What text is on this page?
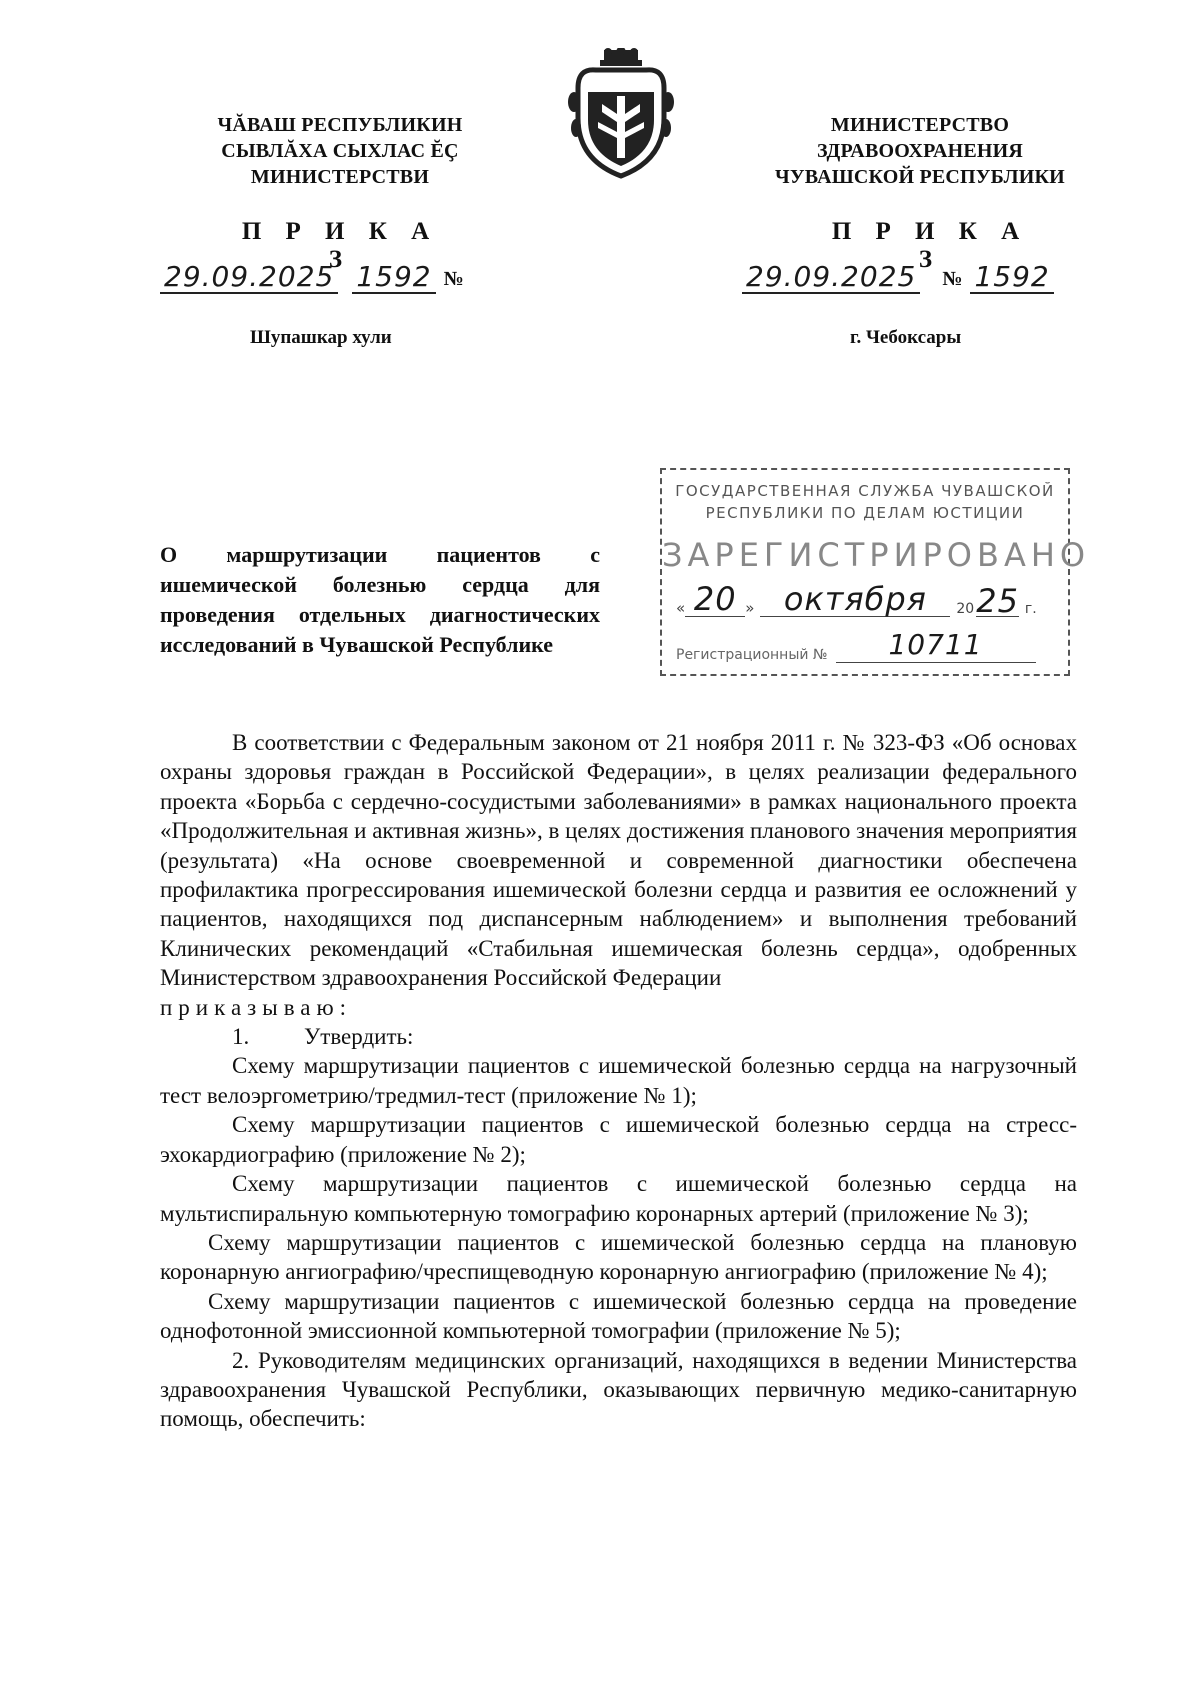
ЧĂВАШ РЕСПУБЛИКИН
СЫВЛĂХА СЫХЛАС ĔҪ
МИНИСТЕРСТВИ
МИНИСТЕРСТВО
ЗДРАВООХРАНЕНИЯ
ЧУВАШСКОЙ РЕСПУБЛИКИ
П Р И К А З
П Р И К А З
29.09.2025 1592 №	29.09.2025 № 1592
Шупашкар хули	г. Чебоксары
ГОСУДАРСТВЕННАЯ СЛУЖБА ЧУВАШСКОЙ
РЕСПУБЛИКИ ПО ДЕЛАМ ЮСТИЦИИ
ЗАРЕГИСТРИРОВАНО
« 20 » октября	20 25 г.
Регистрационный №	10711
О маршрутизации пациентов с ишемической болезнью сердца для проведения отдельных диагностических исследований в Чувашской Республике

В соответствии с Федеральным законом от 21 ноября 2011 г. № 323-ФЗ «Об основах охраны здоровья граждан в Российской Федерации», в целях реализации федерального проекта «Борьба с сердечно-сосудистыми заболеваниями» в рамках национального проекта «Продолжительная и активная жизнь», в целях достижения планового значения мероприятия (результата) «На основе своевременной и современной диагностики обеспечена профилактика прогрессирования ишемической болезни сердца и развития ее осложнений у пациентов, находящихся под диспансерным наблюдением» и выполнения требований Клинических рекомендаций «Стабильная ишемическая болезнь сердца», одобренных Министерством здравоохранения Российской Федерации

приказываю:

1. Утвердить:

Схему маршрутизации пациентов с ишемической болезнью сердца на нагрузочный тест велоэргометрию/тредмил-тест (приложение № 1);

Схему маршрутизации пациентов с ишемической болезнью сердца на стресс-эхокардиографию (приложение № 2);

Схему маршрутизации пациентов с ишемической болезнью сердца на мультиспиральную компьютерную томографию коронарных артерий (приложение № 3);

Схему маршрутизации пациентов с ишемической болезнью сердца на плановую коронарную ангиографию/чреспищеводную коронарную ангиографию (приложение № 4);

Схему маршрутизации пациентов с ишемической болезнью сердца на проведение однофотонной эмиссионной компьютерной томографии (приложение № 5);

2. Руководителям медицинских организаций, находящихся в ведении Министерства здравоохранения Чувашской Республики, оказывающих первичную медико-санитарную помощь, обеспечить:
